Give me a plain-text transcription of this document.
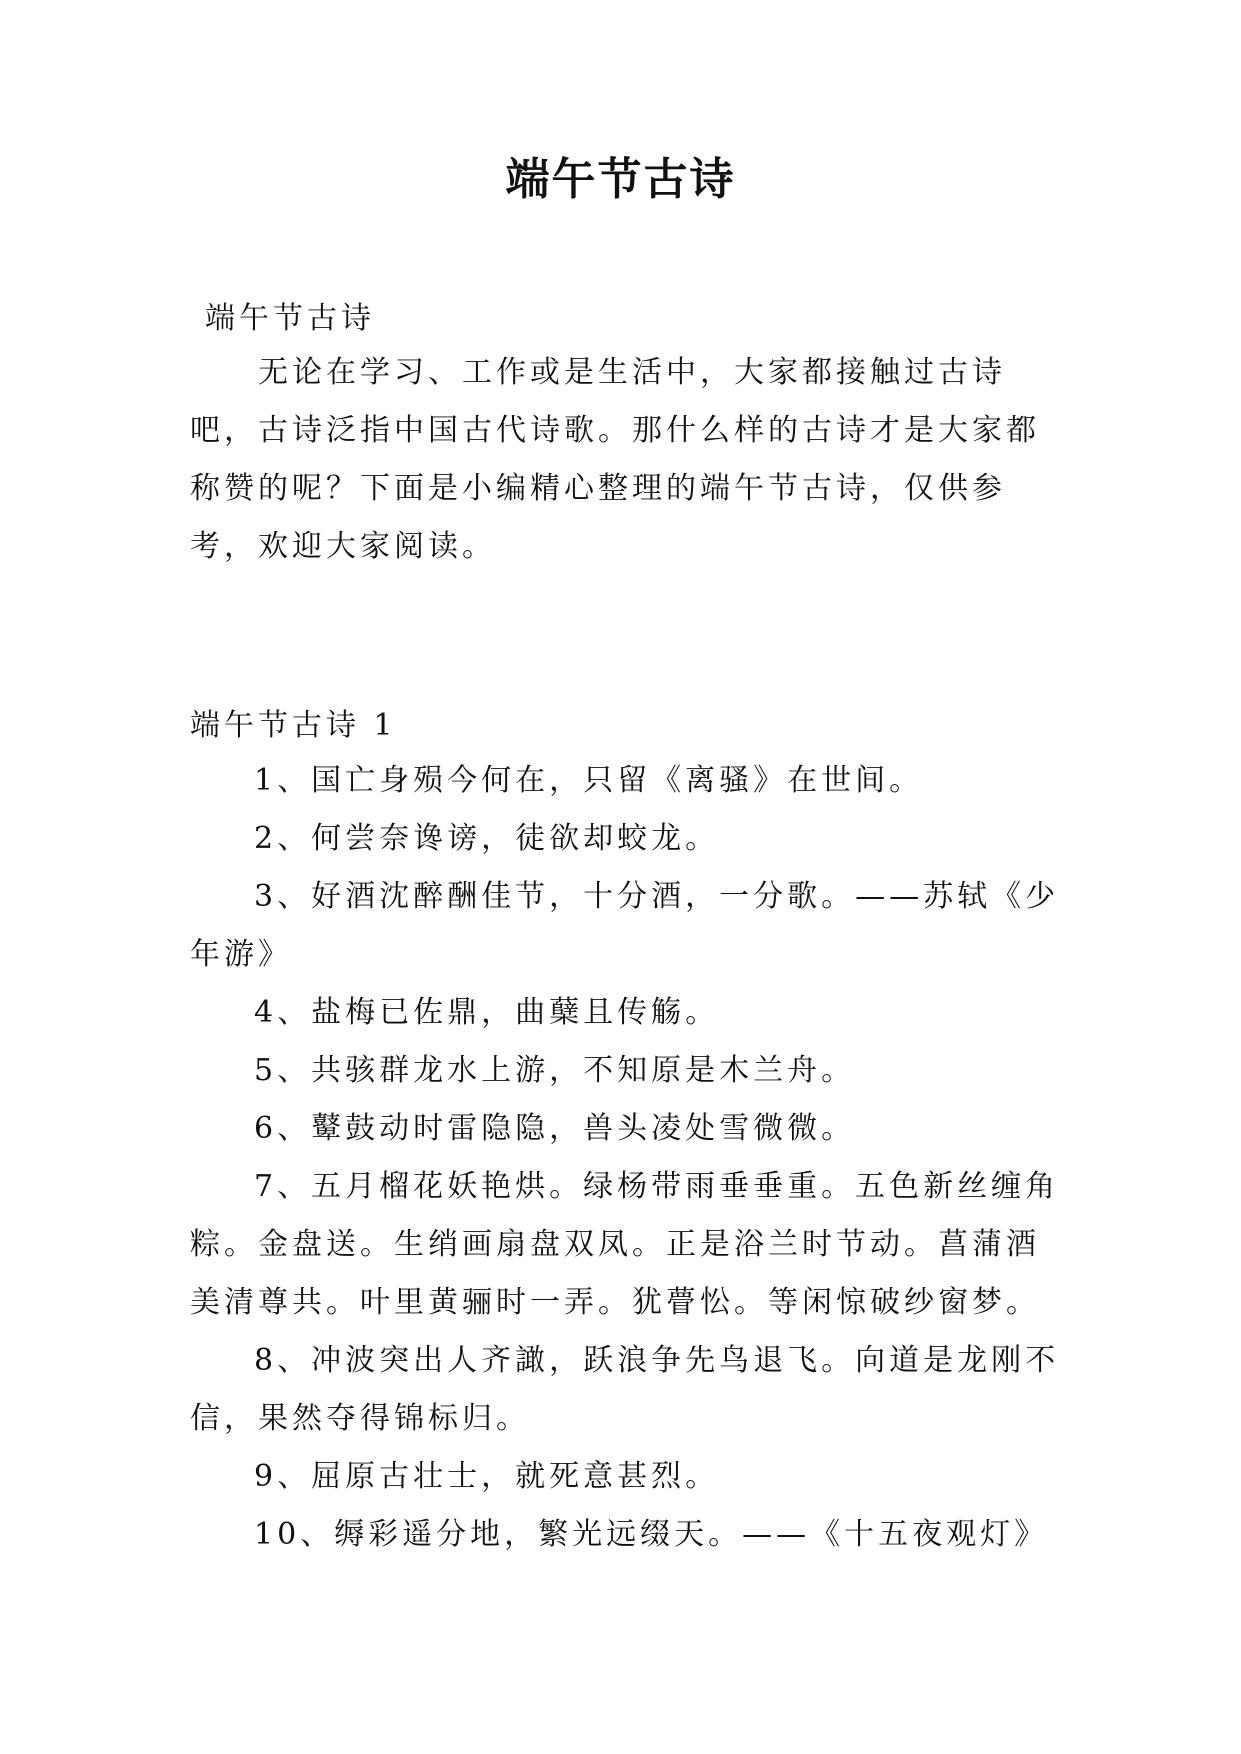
端午节古诗
端午节古诗
无论在学习、工作或是生活中，大家都接触过古诗吧，古诗泛指中国古代诗歌。那什么样的古诗才是大家都称赞的呢？下面是小编精心整理的端午节古诗，仅供参考，欢迎大家阅读。
端午节古诗 1
1、国亡身殒今何在，只留《离骚》在世间。
2、何尝奈谗谤，徒欲却蛟龙。
3、好酒沈醉酬佳节，十分酒，一分歌。——苏轼《少年游》
4、盐梅已佐鼎，曲蘖且传觞。
5、共骇群龙水上游，不知原是木兰舟。
6、鼙鼓动时雷隐隐，兽头凌处雪微微。
7、五月榴花妖艳烘。绿杨带雨垂垂重。五色新丝缠角粽。金盘送。生绡画扇盘双凤。正是浴兰时节动。菖蒲酒美清尊共。叶里黄骊时一弄。犹瞢忪。等闲惊破纱窗梦。
8、冲波突出人齐譀，跃浪争先鸟退飞。向道是龙刚不信，果然夺得锦标归。
9、屈原古壮士，就死意甚烈。
10、缛彩遥分地，繁光远缀天。——《十五夜观灯》
